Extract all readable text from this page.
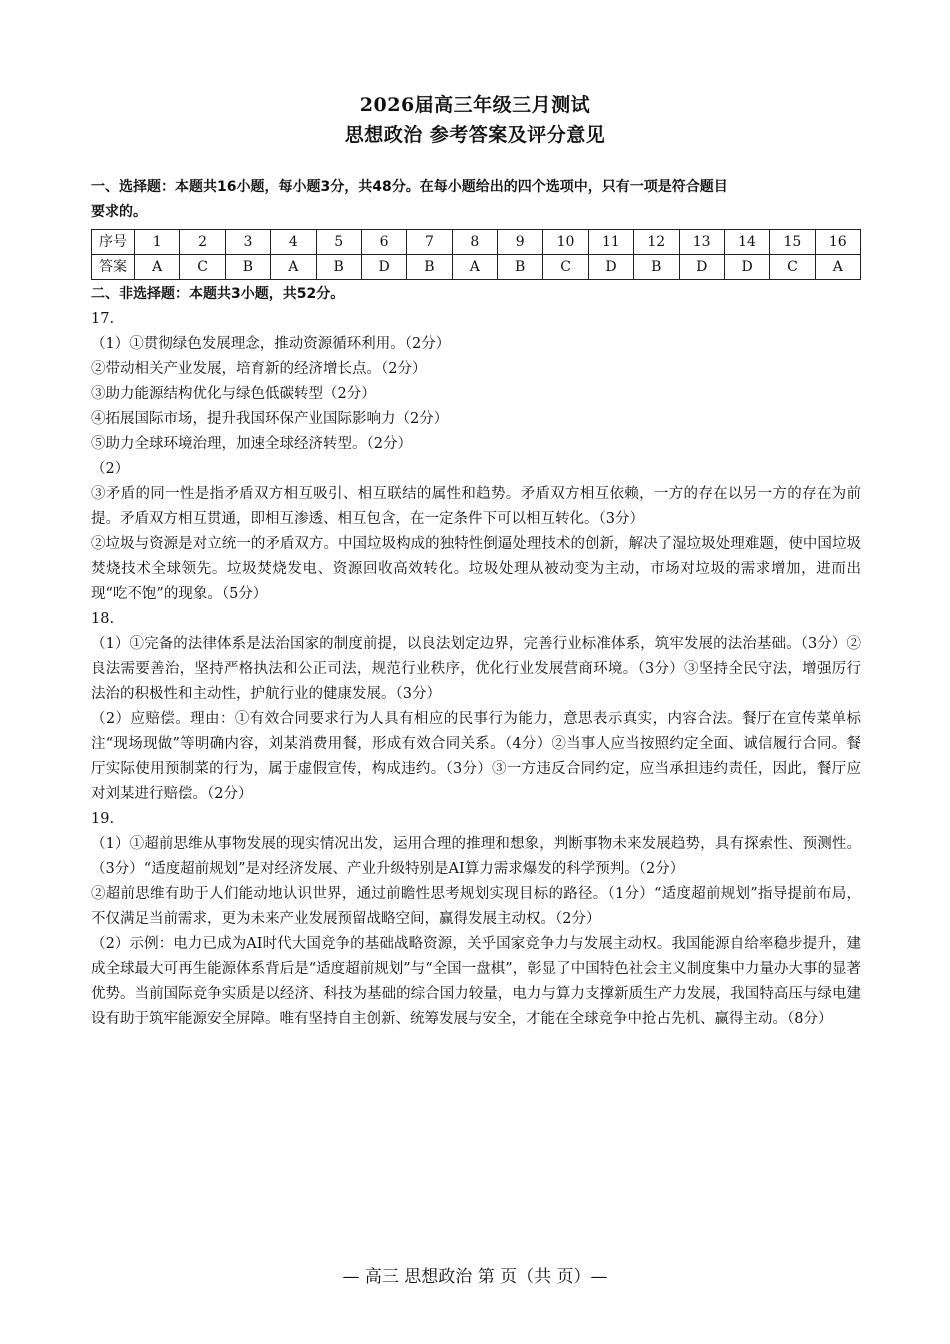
2026届高三年级三月测试
思想政治 参考答案及评分意见
一、选择题：本题共16小题，每小题3分，共48分。在每小题给出的四个选项中，只有一项是符合题目
要求的。
序号	1	2	3	4	5	6	7	8	9	10	11	12	13	14	15	16
答案	A	C	B	A	B	D	B	A	B	C	D	B	D	D	C	A
二、非选择题：本题共3小题，共52分。

17.

（1）①贯彻绿色发展理念，推动资源循环利用。（2分）

②带动相关产业发展，培育新的经济增长点。（2分）

③助力能源结构优化与绿色低碳转型（2分）

④拓展国际市场，提升我国环保产业国际影响力（2分）

⑤助力全球环境治理，加速全球经济转型。（2分）

（2）

③矛盾的同一性是指矛盾双方相互吸引、相互联结的属性和趋势。矛盾双方相互依赖，一方的存在以另一方的存在为前提。矛盾双方相互贯通，即相互渗透、相互包含，在一定条件下可以相互转化。（3分）

②垃圾与资源是对立统一的矛盾双方。中国垃圾构成的独特性倒逼处理技术的创新，解决了湿垃圾处理难题，使中国垃圾焚烧技术全球领先。垃圾焚烧发电、资源回收高效转化。垃圾处理从被动变为主动，市场对垃圾的需求增加，进而出现“吃不饱”的现象。（5分）

18.

（1）①完备的法律体系是法治国家的制度前提，以良法划定边界，完善行业标准体系，筑牢发展的法治基础。（3分）②良法需要善治，坚持严格执法和公正司法，规范行业秩序，优化行业发展营商环境。（3分）③坚持全民守法，增强厉行法治的积极性和主动性，护航行业的健康发展。（3分）

（2）应赔偿。理由：①有效合同要求行为人具有相应的民事行为能力，意思表示真实，内容合法。餐厅在宣传菜单标注“现场现做”等明确内容，刘某消费用餐，形成有效合同关系。（4分）②当事人应当按照约定全面、诚信履行合同。餐厅实际使用预制菜的行为，属于虚假宣传，构成违约。（3分）③一方违反合同约定，应当承担违约责任，因此，餐厅应对刘某进行赔偿。（2分）

19.

（1）①超前思维从事物发展的现实情况出发，运用合理的推理和想象，判断事物未来发展趋势，具有探索性、预测性。（3分）“适度超前规划”是对经济发展、产业升级特别是AI算力需求爆发的科学预判。（2分）

②超前思维有助于人们能动地认识世界，通过前瞻性思考规划实现目标的路径。（1分）“适度超前规划”指导提前布局，不仅满足当前需求，更为未来产业发展预留战略空间，赢得发展主动权。（2分）

（2）示例：电力已成为AI时代大国竞争的基础战略资源，关乎国家竞争力与发展主动权。我国能源自给率稳步提升，建成全球最大可再生能源体系背后是“适度超前规划”与“全国一盘棋”，彰显了中国特色社会主义制度集中力量办大事的显著优势。当前国际竞争实质是以经济、科技为基础的综合国力较量，电力与算力支撑新质生产力发展，我国特高压与绿电建设有助于筑牢能源安全屏障。唯有坚持自主创新、统筹发展与安全，才能在全球竞争中抢占先机、赢得主动。（8分）

— 高三 思想政治 第 页（共 页）—
